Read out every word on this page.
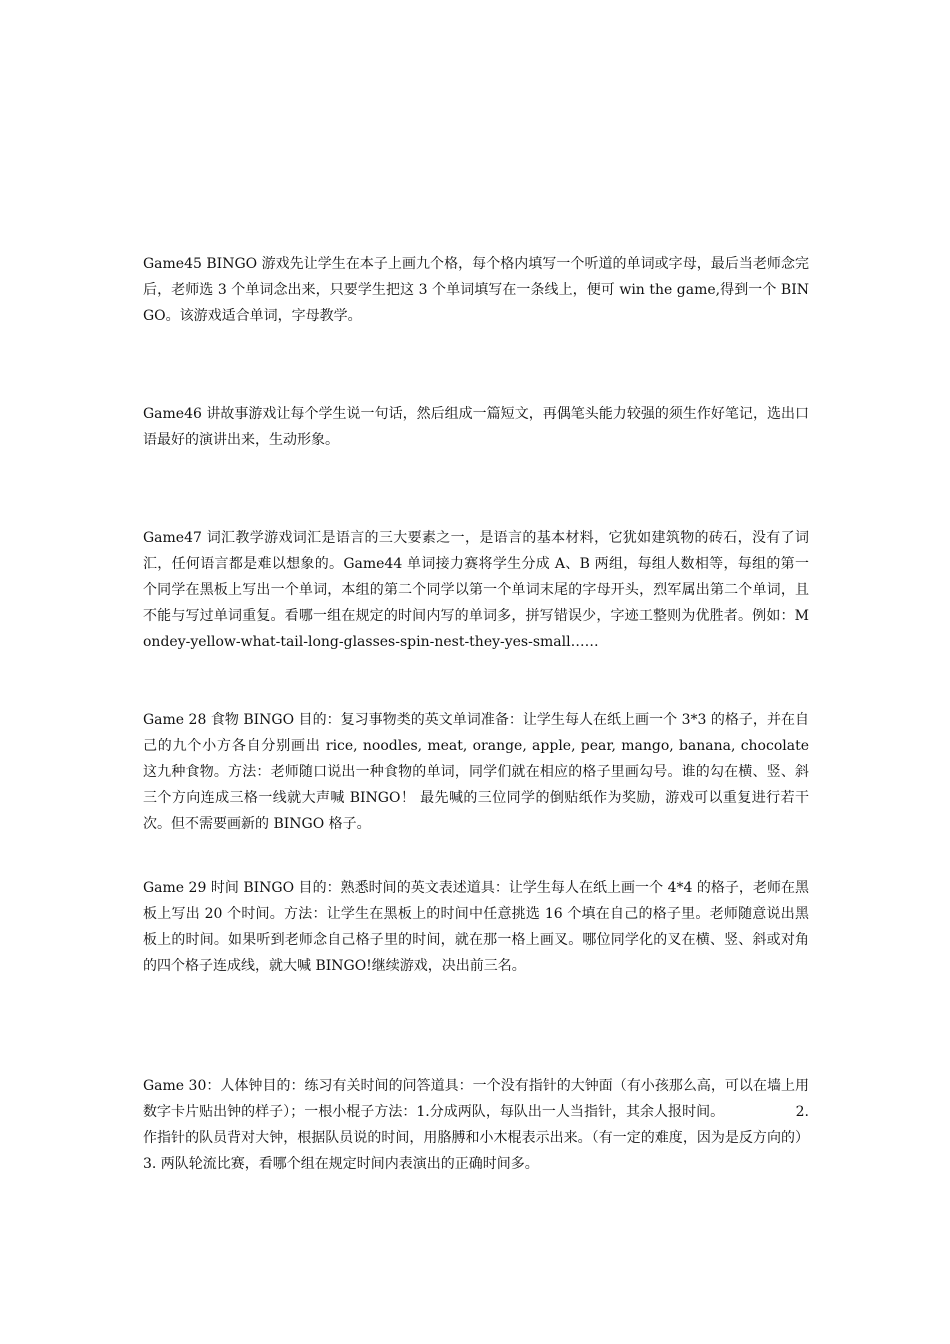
Game45 BINGO 游戏先让学生在本子上画九个格，每个格内填写一个听道的单词或字母，最后当老师念完后，老师选 3 个单词念出来，只要学生把这 3 个单词填写在一条线上，便可 win the game,得到一个 BINGO。该游戏适合单词，字母教学。

Game46 讲故事游戏让每个学生说一句话，然后组成一篇短文，再偶笔头能力较强的须生作好笔记，选出口语最好的演讲出来，生动形象。

Game47 词汇教学游戏词汇是语言的三大要素之一，是语言的基本材料，它犹如建筑物的砖石，没有了词汇，任何语言都是难以想象的。Game44 单词接力赛将学生分成 A、B 两组，每组人数相等，每组的第一个同学在黑板上写出一个单词，本组的第二个同学以第一个单词末尾的字母开头，烈军属出第二个单词，且不能与写过单词重复。看哪一组在规定的时间内写的单词多，拼写错误少，字迹工整则为优胜者。例如：Mondey-yellow-what-tail-long-glasses-spin-nest-they-yes-small……

Game 28 食物 BINGO 目的：复习事物类的英文单词准备：让学生每人在纸上画一个 3*3 的格子，并在自己的九个小方各自分别画出 rice, noodles, meat, orange, apple, pear, mango, banana, chocolate 这九种食物。方法：老师随口说出一种食物的单词，同学们就在相应的格子里画勾号。谁的勾在横、竖、斜三个方向连成三格一线就大声喊 BINGO！ 最先喊的三位同学的倒贴纸作为奖励，游戏可以重复进行若干次。但不需要画新的 BINGO 格子。

Game 29 时间 BINGO 目的：熟悉时间的英文表述道具：让学生每人在纸上画一个 4*4 的格子，老师在黑板上写出 20 个时间。方法：让学生在黑板上的时间中任意挑选 16 个填在自己的格子里。老师随意说出黑板上的时间。如果听到老师念自己格子里的时间，就在那一格上画叉。哪位同学化的叉在横、竖、斜或对角的四个格子连成线，就大喊 BINGO!继续游戏，决出前三名。

Game 30：人体钟目的：练习有关时间的问答道具：一个没有指针的大钟面（有小孩那么高，可以在墙上用数字卡片贴出钟的样子）；一根小棍子方法：1.分成两队，每队出一人当指针，其余人报时间。                2.作指针的队员背对大钟，根据队员说的时间，用胳膊和小木棍表示出来。（有一定的难度，因为是反方向的）                3. 两队轮流比赛，看哪个组在规定时间内表演出的正确时间多。
